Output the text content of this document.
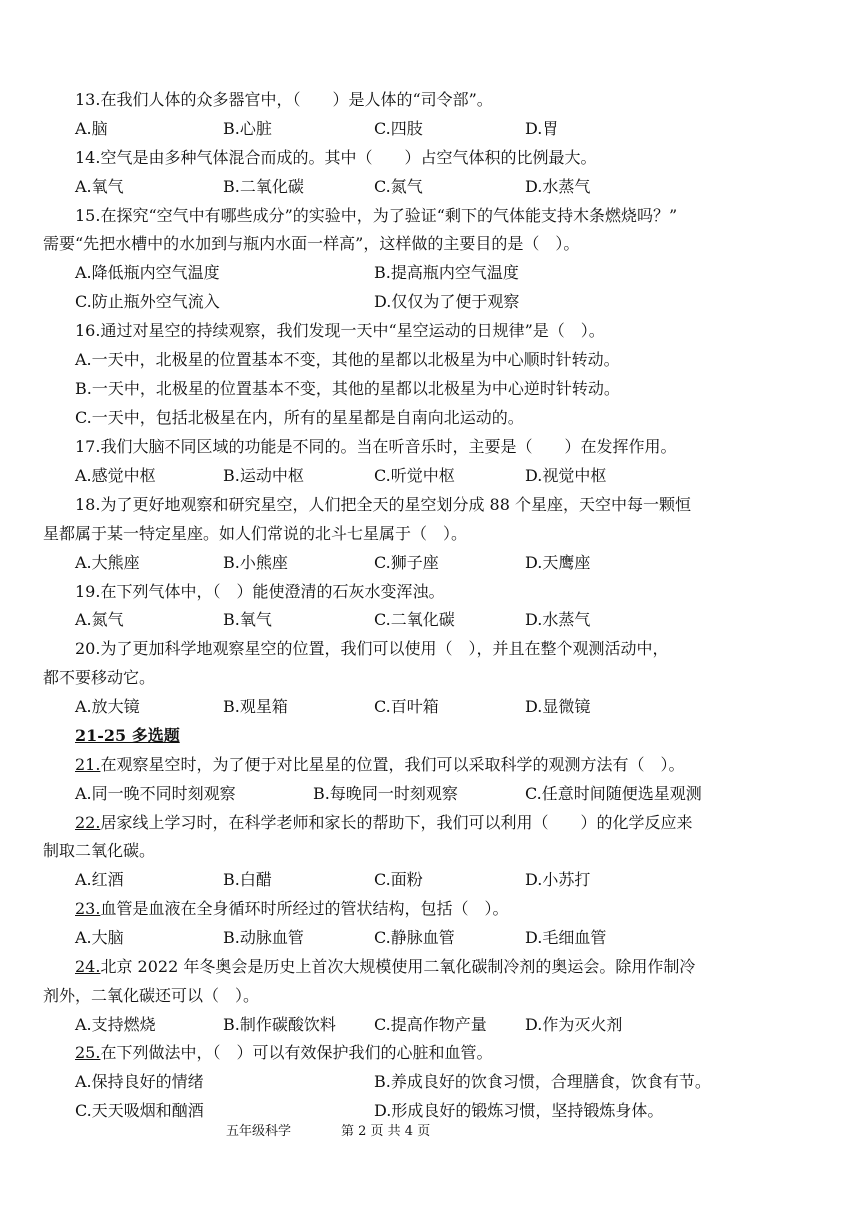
13.在我们人体的众多器官中，（　　）是人体的“司令部”。
A.脑	B.心脏	C.四肢	D.胃
14.空气是由多种气体混合而成的。其中（　　）占空气体积的比例最大。
A.氧气	B.二氧化碳	C.氮气	D.水蒸气
15.在探究“空气中有哪些成分”的实验中，为了验证“剩下的气体能支持木条燃烧吗？”
需要“先把水槽中的水加到与瓶内水面一样高”，这样做的主要目的是（　）。
A.降低瓶内空气温度	B.提高瓶内空气温度
C.防止瓶外空气流入	D.仅仅为了便于观察
16.通过对星空的持续观察，我们发现一天中“星空运动的日规律”是（　）。
A.一天中，北极星的位置基本不变，其他的星都以北极星为中心顺时针转动。
B.一天中，北极星的位置基本不变，其他的星都以北极星为中心逆时针转动。
C.一天中，包括北极星在内，所有的星星都是自南向北运动的。
17.我们大脑不同区域的功能是不同的。当在听音乐时，主要是（　　）在发挥作用。
A.感觉中枢	B.运动中枢	C.听觉中枢	D.视觉中枢
18.为了更好地观察和研究星空，人们把全天的星空划分成 88 个星座，天空中每一颗恒
星都属于某一特定星座。如人们常说的北斗七星属于（　）。
A.大熊座	B.小熊座	C.狮子座	D.天鹰座
19.在下列气体中，（　）能使澄清的石灰水变浑浊。
A.氮气	B.氧气	C.二氧化碳	D.水蒸气
20.为了更加科学地观察星空的位置，我们可以使用（　），并且在整个观测活动中，
都不要移动它。
A.放大镜	B.观星箱	C.百叶箱	D.显微镜
21-25 多选题
21.在观察星空时，为了便于对比星星的位置，我们可以采取科学的观测方法有（　）。
A.同一晚不同时刻观察	B.每晚同一时刻观察	C.任意时间随便选星观测
22.居家线上学习时，在科学老师和家长的帮助下，我们可以利用（　　）的化学反应来
制取二氧化碳。
A.红酒	B.白醋	C.面粉	D.小苏打
23.血管是血液在全身循环时所经过的管状结构，包括（　）。
A.大脑	B.动脉血管	C.静脉血管	D.毛细血管
24.北京 2022 年冬奥会是历史上首次大规模使用二氧化碳制冷剂的奥运会。除用作制冷
剂外，二氧化碳还可以（　）。
A.支持燃烧	B.制作碳酸饮料 C.提高作物产量 D.作为灭火剂
25.在下列做法中，（　）可以有效保护我们的心脏和血管。
A.保持良好的情绪	B.养成良好的饮食习惯，合理膳食，饮食有节。
C.天天吸烟和酗酒	D.形成良好的锻炼习惯，坚持锻炼身体。
五年级科学	第 2 页 共 4 页
